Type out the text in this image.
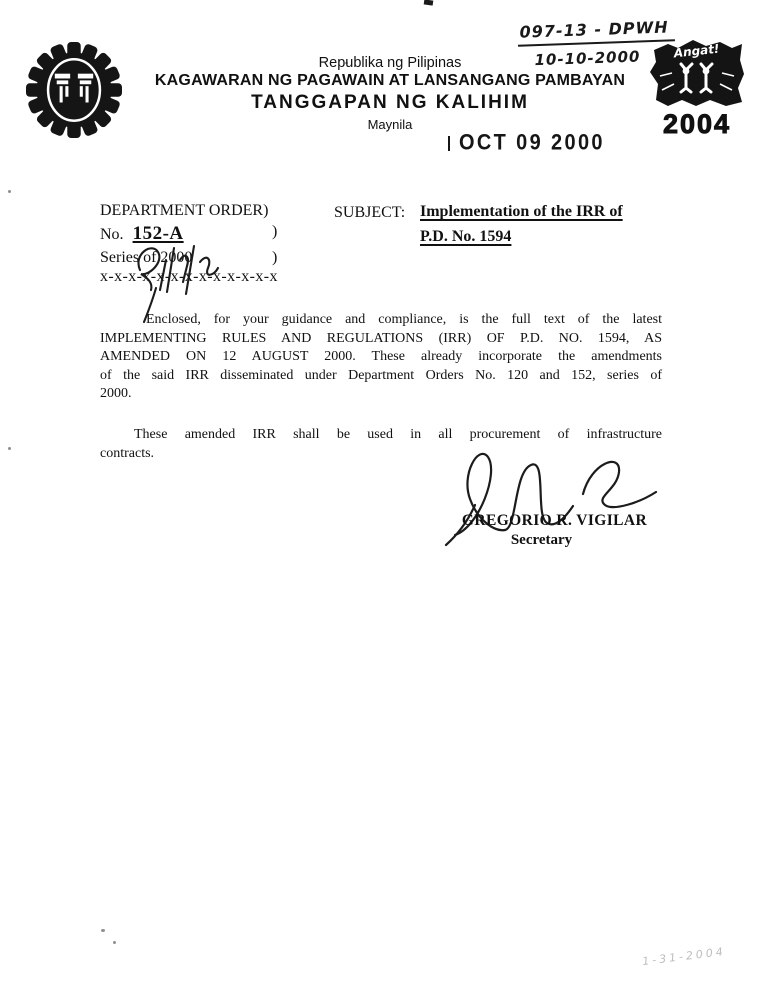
097-13 - DPWH
10-10-2000
Republika ng Pilipinas
KAGAWARAN NG PAGAWAIN AT LANSANGANG PAMBAYAN
TANGGAPAN NG KALIHIM
Maynila
Angat!
2004
OCT 09 2000
DEPARTMENT ORDER)
No. 152-A	)
Series of 2000	)
x-x-x-x-x-x-x-x-x-x-x-x-x
SUBJECT: Implementation of the IRR of
P.D. No. 1594
Enclosed, for your guidance and compliance, is the full text of the latest
IMPLEMENTING RULES AND REGULATIONS (IRR) OF P.D. NO. 1594, AS
AMENDED ON 12 AUGUST 2000. These already incorporate the amendments
of the said IRR disseminated under Department Orders No. 120 and 152, series of
2000.
These amended IRR shall be used in all procurement of infrastructure
contracts.
GREGORIO R. VIGILAR
Secretary
1-31-2004
